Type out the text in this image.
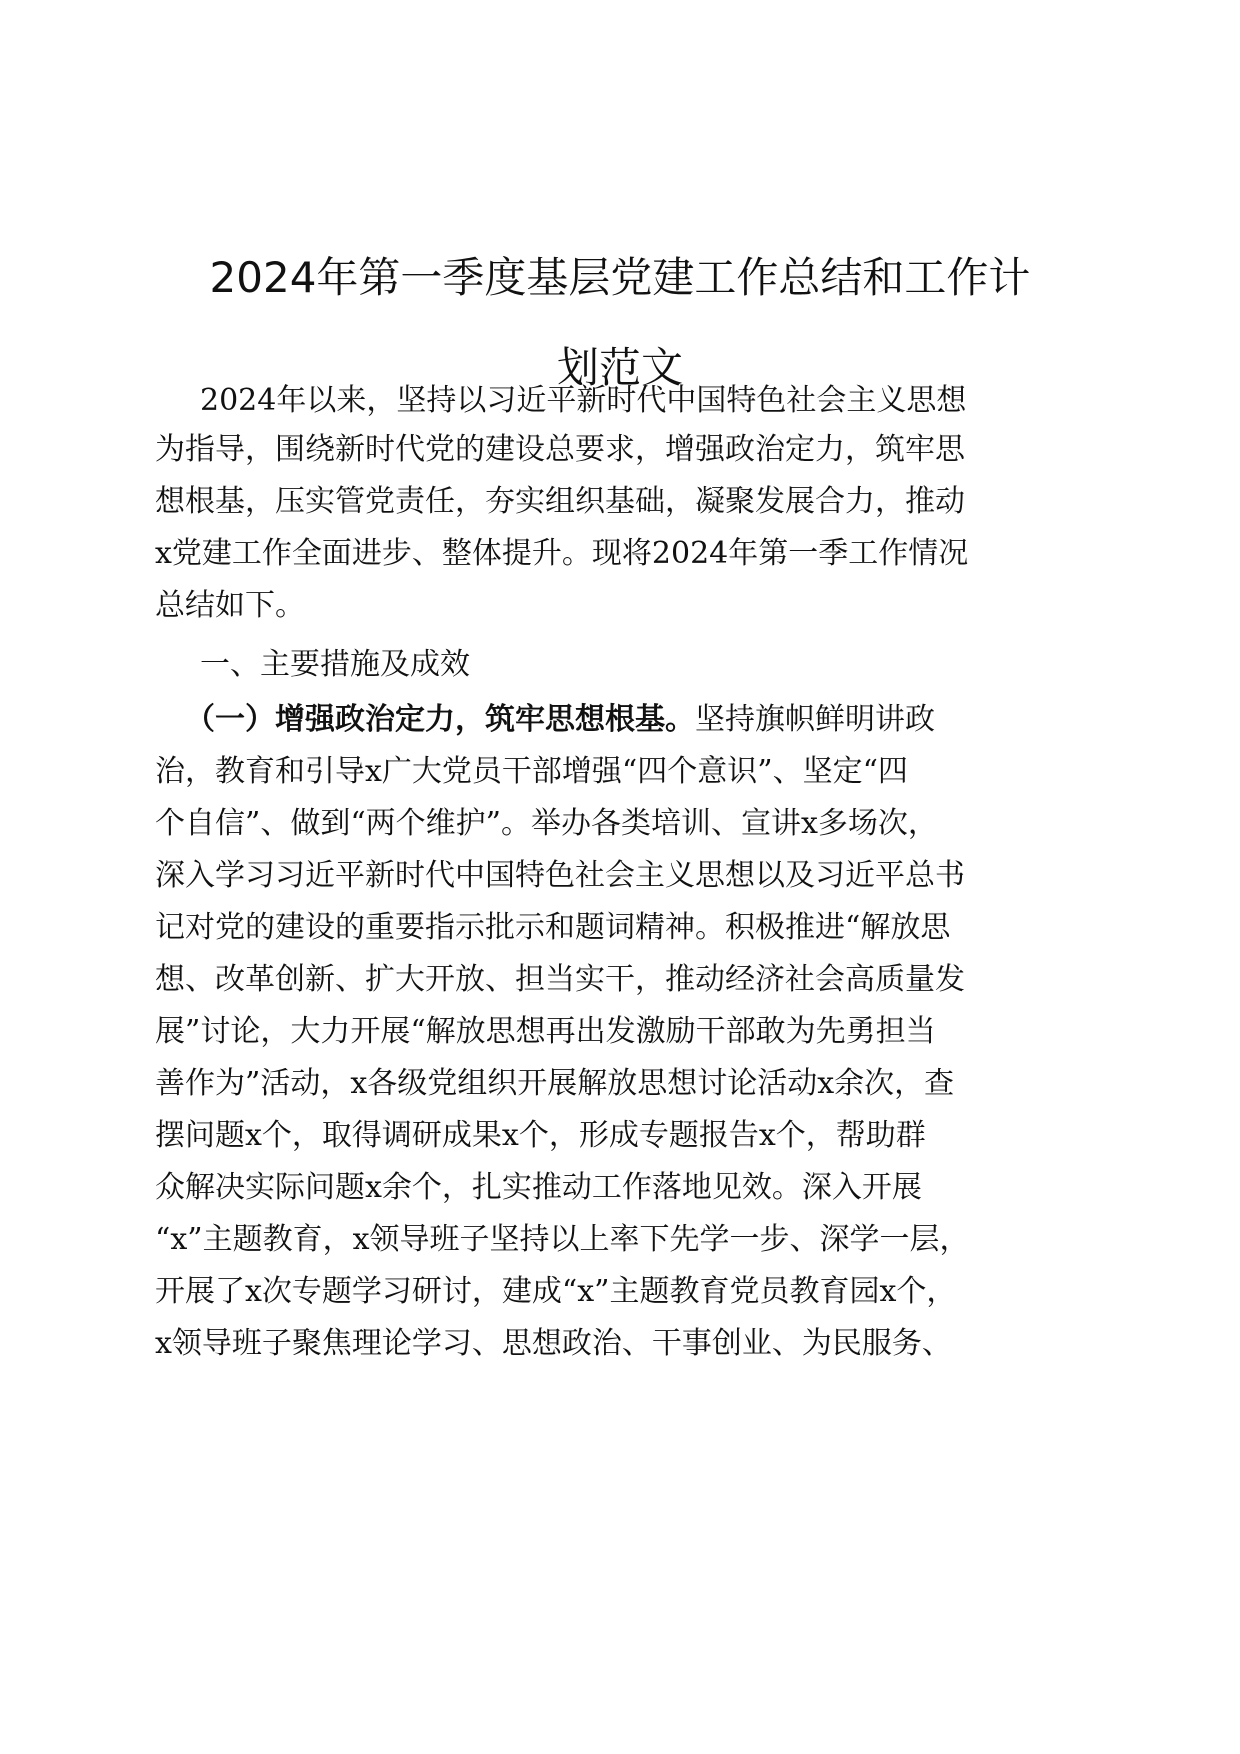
2024年第一季度基层党建工作总结和工作计
划范文

2024年以来，坚持以习近平新时代中国特色社会主义思想

为指导，围绕新时代党的建设总要求，增强政治定力，筑牢思

想根基，压实管党责任，夯实组织基础，凝聚发展合力，推动

x党建工作全面进步、整体提升。现将2024年第一季工作情况

总结如下。

一、主要措施及成效

（一）增强政治定力，筑牢思想根基。坚持旗帜鲜明讲政

治，教育和引导x广大党员干部增强“四个意识”、坚定“四

个自信”、做到“两个维护”。举办各类培训、宣讲x多场次，

深入学习习近平新时代中国特色社会主义思想以及习近平总书

记对党的建设的重要指示批示和题词精神。积极推进“解放思

想、改革创新、扩大开放、担当实干，推动经济社会高质量发

展”讨论，大力开展“解放思想再出发激励干部敢为先勇担当

善作为”活动，x各级党组织开展解放思想讨论活动x余次，查

摆问题x个，取得调研成果x个，形成专题报告x个，帮助群

众解决实际问题x余个，扎实推动工作落地见效。深入开展

“x”主题教育，x领导班子坚持以上率下先学一步、深学一层，

开展了x次专题学习研讨，建成“x”主题教育党员教育园x个，

x领导班子聚焦理论学习、思想政治、干事创业、为民服务、
